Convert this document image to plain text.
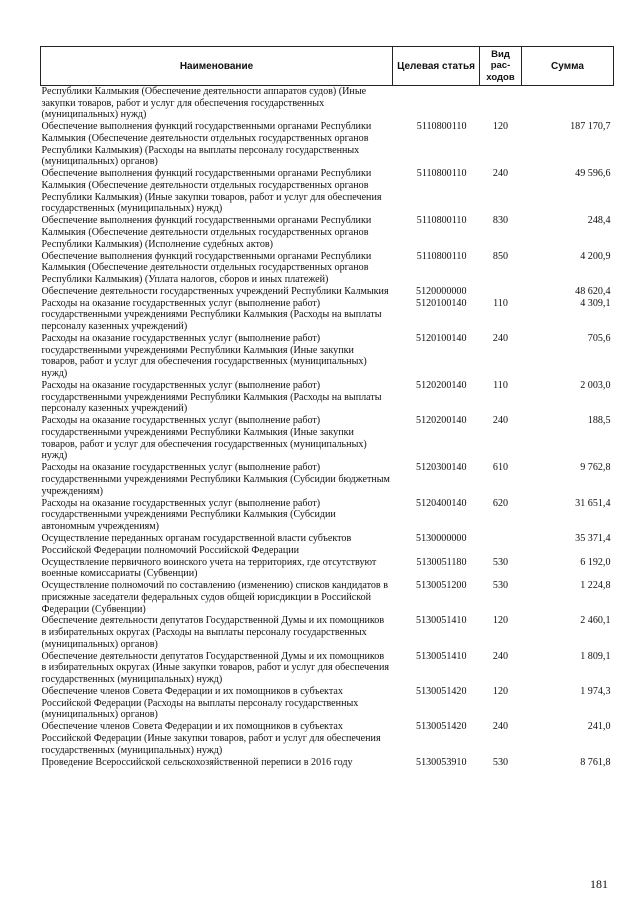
Наименование	Целевая статья	Вид рас-ходов	Сумма
Республики Калмыкия (Обеспечение деятельности аппаратов судов) (Иные закупки товаров, работ и услуг для обеспечения государственных (муниципальных) нужд)			
Обеспечение выполнения функций государственными органами Республики Калмыкия (Обеспечение деятельности отдельных государственных органов Республики Калмыкия) (Расходы на выплаты персоналу государственных (муниципальных) органов)	5110800110	120	187 170,7
Обеспечение выполнения функций государственными органами Республики Калмыкия (Обеспечение деятельности отдельных государственных органов Республики Калмыкия) (Иные закупки товаров, работ и услуг для обеспечения государственных (муниципальных) нужд)	5110800110	240	49 596,6
Обеспечение выполнения функций государственными органами Республики Калмыкия (Обеспечение деятельности отдельных государственных органов Республики Калмыкия) (Исполнение судебных актов)	5110800110	830	248,4
Обеспечение выполнения функций государственными органами Республики Калмыкия (Обеспечение деятельности отдельных государственных органов Республики Калмыкия) (Уплата налогов, сборов и иных платежей)	5110800110	850	4 200,9
Обеспечение деятельности государственных учреждений Республики Калмыкия	5120000000		48 620,4
Расходы на оказание государственных услуг (выполнение работ) государственными учреждениями Республики Калмыкия (Расходы на выплаты персоналу казенных учреждений)	5120100140	110	4 309,1
Расходы на оказание государственных услуг (выполнение работ) государственными учреждениями Республики Калмыкия (Иные закупки товаров, работ и услуг для обеспечения государственных (муниципальных) нужд)	5120100140	240	705,6
Расходы на оказание государственных услуг (выполнение работ) государственными учреждениями Республики Калмыкия (Расходы на выплаты персоналу казенных учреждений)	5120200140	110	2 003,0
Расходы на оказание государственных услуг (выполнение работ) государственными учреждениями Республики Калмыкия (Иные закупки товаров, работ и услуг для обеспечения государственных (муниципальных) нужд)	5120200140	240	188,5
Расходы на оказание государственных услуг (выполнение работ) государственными учреждениями Республики Калмыкия (Субсидии бюджетным учреждениям)	5120300140	610	9 762,8
Расходы на оказание государственных услуг (выполнение работ) государственными учреждениями Республики Калмыкия (Субсидии автономным учреждениям)	5120400140	620	31 651,4
Осуществление переданных органам государственной власти субъектов Российской Федерации полномочий Российской Федерации	5130000000		35 371,4
Осуществление первичного воинского учета на территориях, где отсутствуют военные комиссариаты (Субвенции)	5130051180	530	6 192,0
Осуществление полномочий по составлению (изменению) списков кандидатов в присяжные заседатели федеральных судов общей юрисдикции в Российской Федерации (Субвенции)	5130051200	530	1 224,8
Обеспечение деятельности депутатов Государственной Думы и их помощников в избирательных округах (Расходы на выплаты персоналу государственных (муниципальных) органов)	5130051410	120	2 460,1
Обеспечение деятельности депутатов Государственной Думы и их помощников в избирательных округах (Иные закупки товаров, работ и услуг для обеспечения государственных (муниципальных) нужд)	5130051410	240	1 809,1
Обеспечение членов Совета Федерации и их помощников в субъектах Российской Федерации (Расходы на выплаты персоналу государственных (муниципальных) органов)	5130051420	120	1 974,3
Обеспечение членов Совета Федерации и их помощников в субъектах Российской Федерации (Иные закупки товаров, работ и услуг для обеспечения государственных (муниципальных) нужд)	5130051420	240	241,0
Проведение Всероссийской сельскохозяйственной переписи в 2016 году	5130053910	530	8 761,8
181
